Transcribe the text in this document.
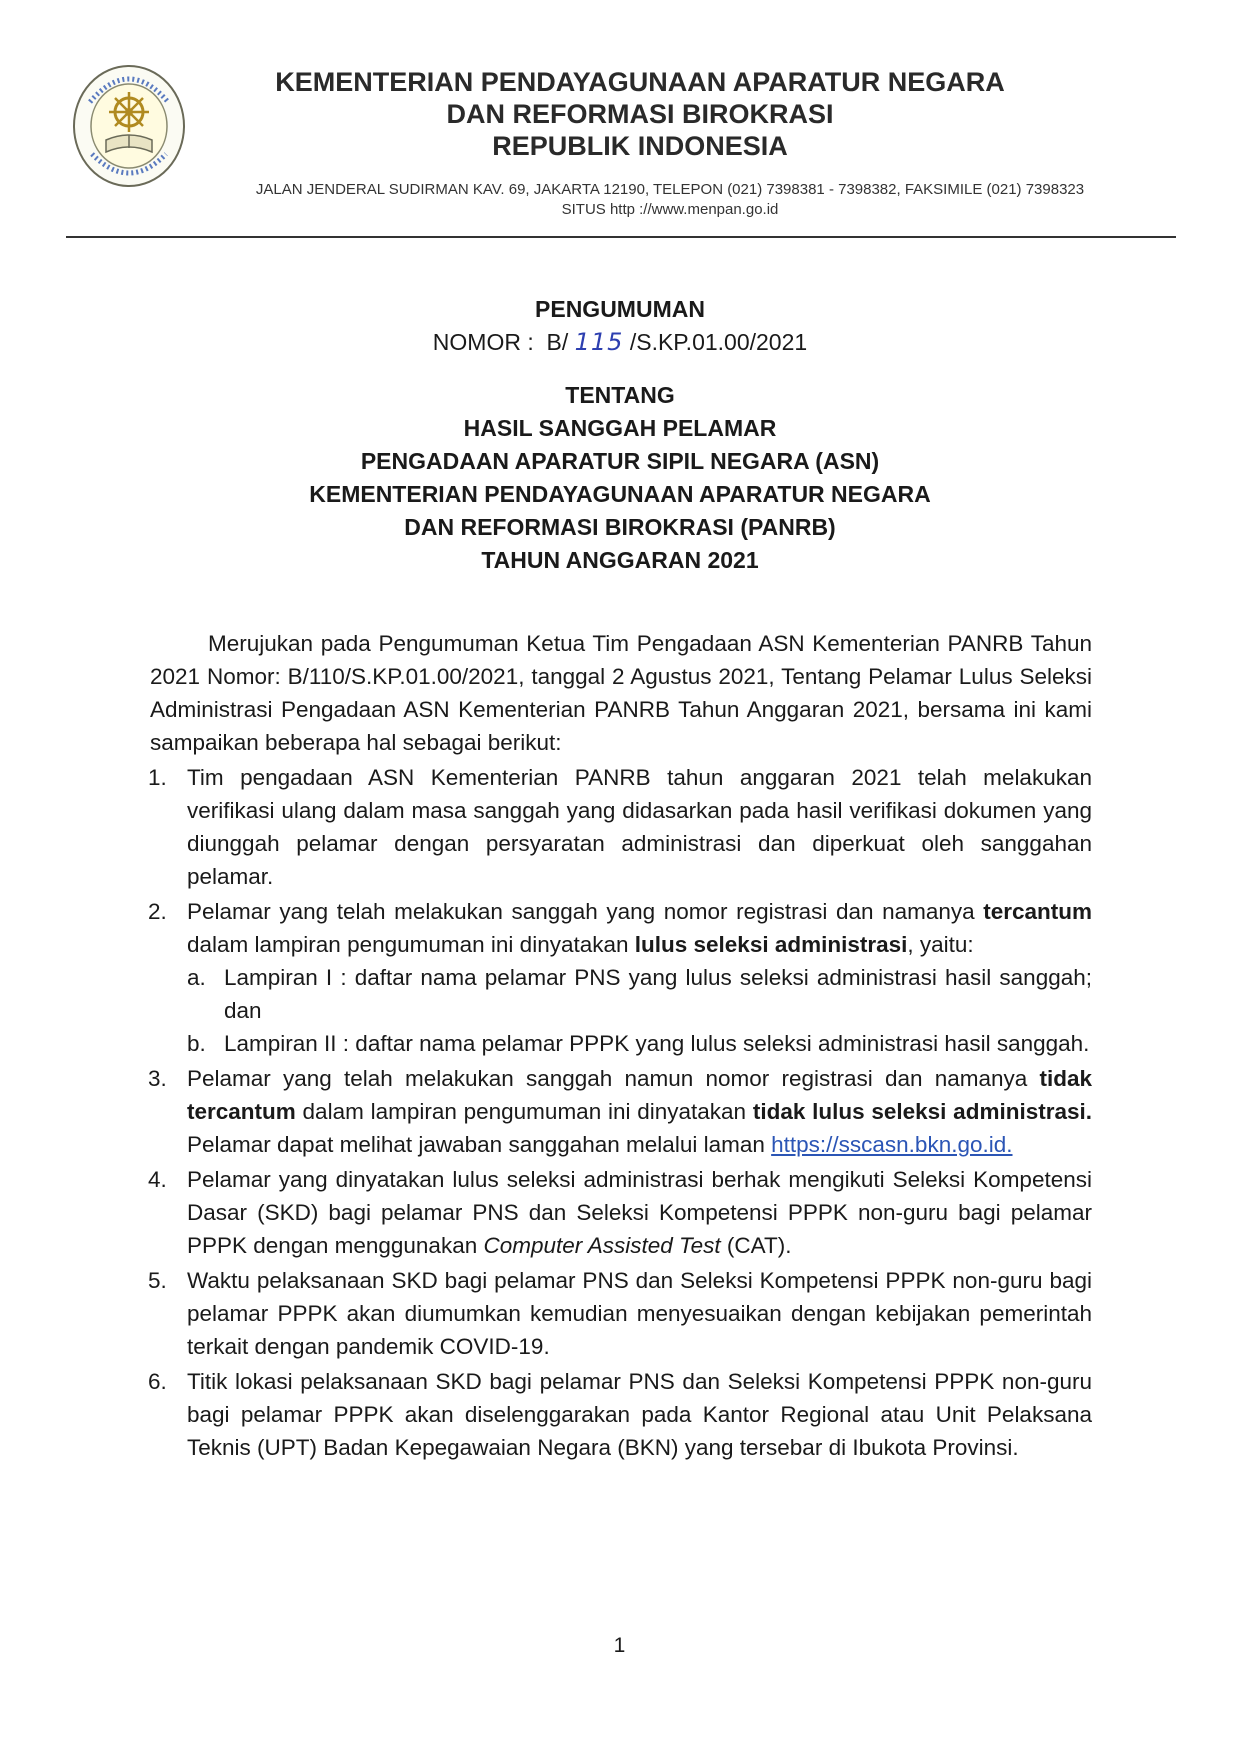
KEMENTERIAN PENDAYAGUNAAN APARATUR NEGARA
DAN REFORMASI BIROKRASI
REPUBLIK INDONESIA
JALAN JENDERAL SUDIRMAN KAV. 69, JAKARTA 12190, TELEPON (021) 7398381 - 7398382, FAKSIMILE (021) 7398323
SITUS http ://www.menpan.go.id
PENGUMUMAN
NOMOR :  B/ 115 /S.KP.01.00/2021
TENTANG
HASIL SANGGAH PELAMAR
PENGADAAN APARATUR SIPIL NEGARA (ASN)
KEMENTERIAN PENDAYAGUNAAN APARATUR NEGARA
DAN REFORMASI BIROKRASI (PANRB)
TAHUN ANGGARAN 2021

Merujukan pada Pengumuman Ketua Tim Pengadaan ASN Kementerian PANRB Tahun 2021 Nomor: B/110/S.KP.01.00/2021, tanggal 2 Agustus 2021, Tentang Pelamar Lulus Seleksi Administrasi Pengadaan ASN Kementerian PANRB Tahun Anggaran 2021, bersama ini kami sampaikan beberapa hal sebagai berikut:

1. Tim pengadaan ASN Kementerian PANRB tahun anggaran 2021 telah melakukan verifikasi ulang dalam masa sanggah yang didasarkan pada hasil verifikasi dokumen yang diunggah pelamar dengan persyaratan administrasi dan diperkuat oleh sanggahan pelamar.
2. Pelamar yang telah melakukan sanggah yang nomor registrasi dan namanya tercantum dalam lampiran pengumuman ini dinyatakan lulus seleksi administrasi, yaitu:
a. Lampiran I : daftar nama pelamar PNS yang lulus seleksi administrasi hasil sanggah; dan
b. Lampiran II : daftar nama pelamar PPPK yang lulus seleksi administrasi hasil sanggah.
3. Pelamar yang telah melakukan sanggah namun nomor registrasi dan namanya tidak tercantum dalam lampiran pengumuman ini dinyatakan tidak lulus seleksi administrasi. Pelamar dapat melihat jawaban sanggahan melalui laman https://sscasn.bkn.go.id.
4. Pelamar yang dinyatakan lulus seleksi administrasi berhak mengikuti Seleksi Kompetensi Dasar (SKD) bagi pelamar PNS dan Seleksi Kompetensi PPPK non-guru bagi pelamar PPPK dengan menggunakan Computer Assisted Test (CAT).
5. Waktu pelaksanaan SKD bagi pelamar PNS dan Seleksi Kompetensi PPPK non-guru bagi pelamar PPPK akan diumumkan kemudian menyesuaikan dengan kebijakan pemerintah terkait dengan pandemik COVID-19.
6. Titik lokasi pelaksanaan SKD bagi pelamar PNS dan Seleksi Kompetensi PPPK non-guru bagi pelamar PPPK akan diselenggarakan pada Kantor Regional atau Unit Pelaksana Teknis (UPT) Badan Kepegawaian Negara (BKN) yang tersebar di Ibukota Provinsi.
1
